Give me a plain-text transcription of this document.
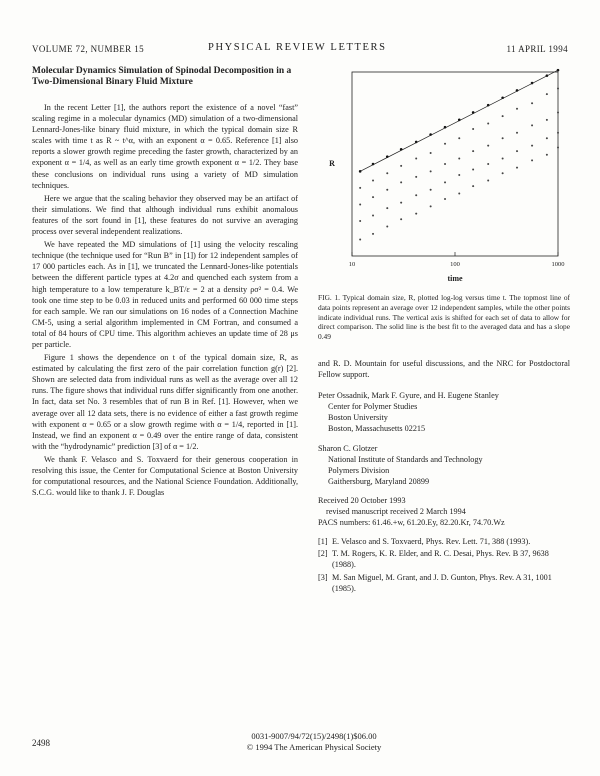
VOLUME 72, NUMBER 15	PHYSICAL REVIEW LETTERS	11 APRIL 1994
Molecular Dynamics Simulation of Spinodal Decomposition in a Two-Dimensional Binary Fluid Mixture

In the recent Letter [1], the authors report the existence of a novel “fast” scaling regime in a molecular dynamics (MD) simulation of a two-dimensional Lennard-Jones-like binary fluid mixture, in which the typical domain size R scales with time t as R ~ t^α, with an exponent α = 0.65. Reference [1] also reports a slower growth regime preceding the faster growth, characterized by an exponent α = 1/4, as well as an early time growth exponent α = 1/2. They base these conclusions on individual runs using a variety of MD simulation techniques.

Here we argue that the scaling behavior they observed may be an artifact of their simulations. We find that although individual runs exhibit anomalous features of the sort found in [1], these features do not survive an averaging process over several independent realizations.

We have repeated the MD simulations of [1] using the velocity rescaling technique (the technique used for “Run B” in [1]) for 12 independent samples of 17 000 particles each. As in [1], we truncated the Lennard-Jones-like potentials between the different particle types at 4.2σ and quenched each system from a high temperature to a low temperature k_BT/ε = 2 at a density ρσ² = 0.4. We took one time step to be 0.03 in reduced units and performed 60 000 time steps for each sample. We ran our simulations on 16 nodes of a Connection Machine CM-5, using a serial algorithm implemented in CM Fortran, and consumed a total of 84 hours of CPU time. This algorithm achieves an update time of 28 μs per particle.

Figure 1 shows the dependence on t of the typical domain size, R, as estimated by calculating the first zero of the pair correlation function g(r) [2]. Shown are selected data from individual runs as well as the average over all 12 runs. The figure shows that individual runs differ significantly from one another. In fact, data set No. 3 resembles that of run B in Ref. [1]. However, when we average over all 12 data sets, there is no evidence of either a fast growth regime with exponent α = 0.65 or a slow growth regime with α = 1/4, reported in [1]. Instead, we find an exponent α = 0.49 over the entire range of data, consistent with the “hydrodynamic” prediction [3] of α = 1/2.

We thank F. Velasco and S. Toxvaerd for their generous cooperation in resolving this issue, the Center for Computational Science at Boston University for computational resources, and the National Science Foundation. Additionally, S.C.G. would like to thank J. F. Douglas

10	100	1000
R
time
FIG. 1. Typical domain size, R, plotted log-log versus time t. The topmost line of data points represent an average over 12 independent samples, while the other points indicate individual runs. The vertical axis is shifted for each set of data to allow for direct comparison. The solid line is the best fit to the averaged data and has a slope 0.49
and R. D. Mountain for useful discussions, and the NRC for Postdoctoral Fellow support.
Peter Ossadnik, Mark F. Gyure, and H. Eugene Stanley
Center for Polymer Studies
Boston University
Boston, Massachusetts 02215
Sharon C. Glotzer
National Institute of Standards and Technology
Polymers Division
Gaithersburg, Maryland 20899
Received 20 October 1993
revised manuscript received 2 March 1994
PACS numbers: 61.46.+w, 61.20.Ey, 82.20.Kr, 74.70.Wz
[1] E. Velasco and S. Toxvaerd, Phys. Rev. Lett. 71, 388 (1993).
[2] T. M. Rogers, K. R. Elder, and R. C. Desai, Phys. Rev. B 37, 9638 (1988).
[3] M. San Miguel, M. Grant, and J. D. Gunton, Phys. Rev. A 31, 1001 (1985).
2498
0031-9007/94/72(15)/2498(1)$06.00
© 1994 The American Physical Society
